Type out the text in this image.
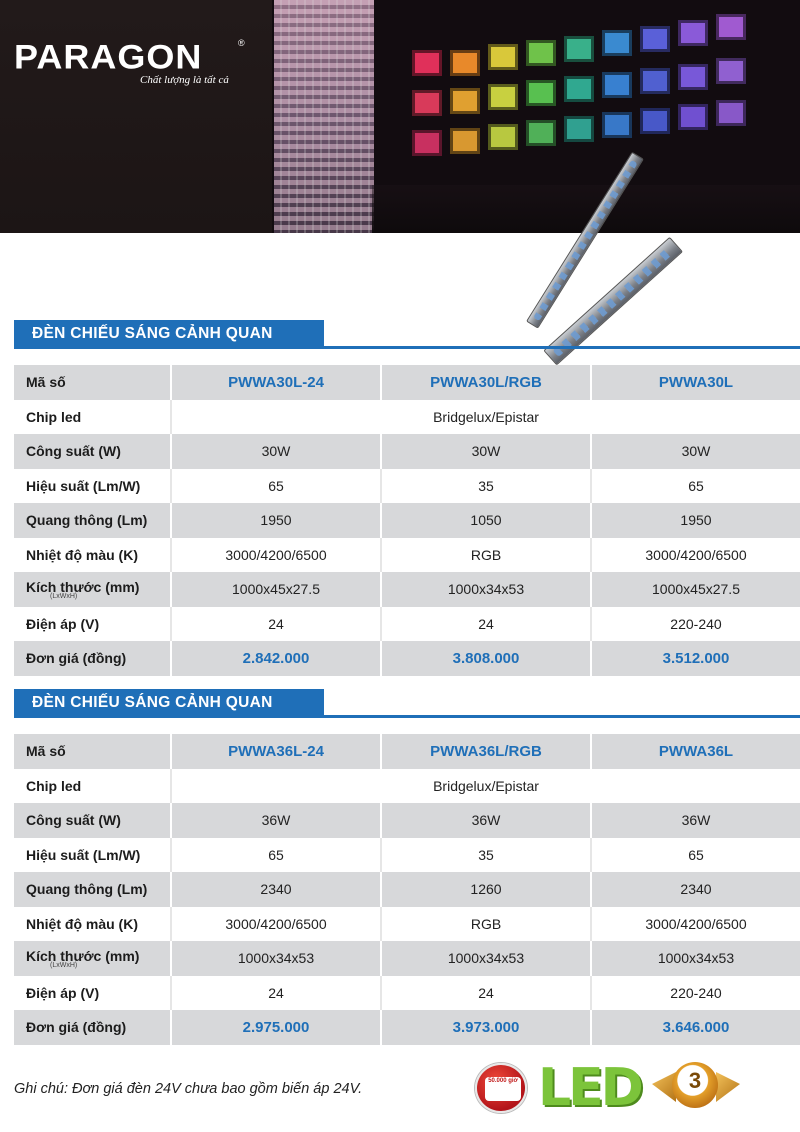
PARAGON	®
Chất lượng là tất cả
ĐÈN CHIẾU SÁNG CẢNH QUAN
Mã số	PWWA30L-24	PWWA30L/RGB	PWWA30L
Chip led	Bridgelux/Epistar		
Công suất (W)	30W	30W	30W
Hiệu suất (Lm/W)	65	35	65
Quang thông (Lm)	1950	1050	1950
Nhiệt độ màu (K)	3000/4200/6500	RGB	3000/4200/6500
Kích thước (mm)
(LxWxH)	1000x45x27.5	1000x34x53	1000x45x27.5
Điện áp (V)	24	24	220-240
Đơn giá (đồng)	2.842.000	3.808.000	3.512.000
ĐÈN CHIẾU SÁNG CẢNH QUAN
Mã số	PWWA36L-24	PWWA36L/RGB	PWWA36L
Chip led	Bridgelux/Epistar		
Công suất (W)	36W	36W	36W
Hiệu suất (Lm/W)	65	35	65
Quang thông (Lm)	2340	1260	2340
Nhiệt độ màu (K)	3000/4200/6500	RGB	3000/4200/6500
Kích thước (mm)
(LxWxH)	1000x34x53	1000x34x53	1000x34x53
Điện áp (V)	24	24	220-240
Đơn giá (đồng)	2.975.000	3.973.000	3.646.000
Ghi chú: Đơn giá đèn 24V chưa bao gồm biến áp 24V.	50.000 giờ LED	3
